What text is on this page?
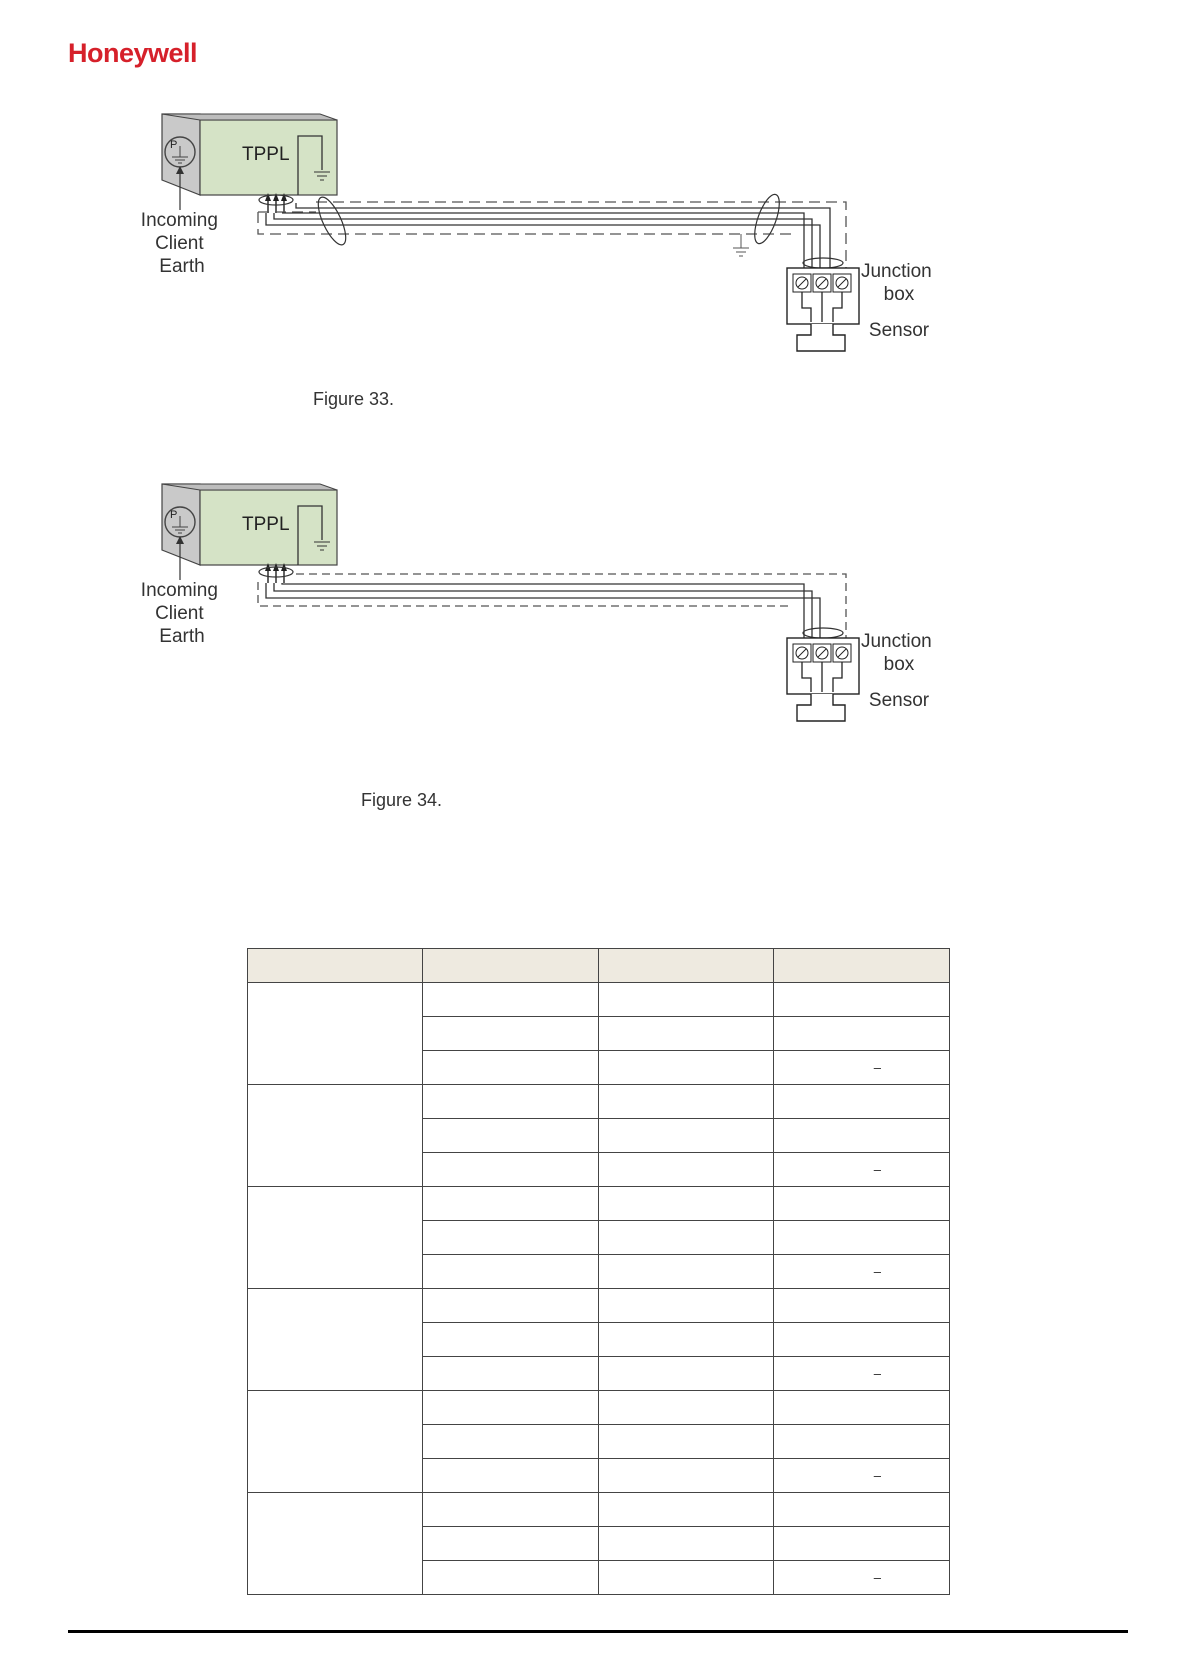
Honeywell
TPPL
P
Incoming Client Earth	Junction box
Sensor
Figure 33.
TPPL
P
Incoming Client Earth	Junction box
Sensor
Figure 34.

			–

			–

			–

			–

			–

			–
